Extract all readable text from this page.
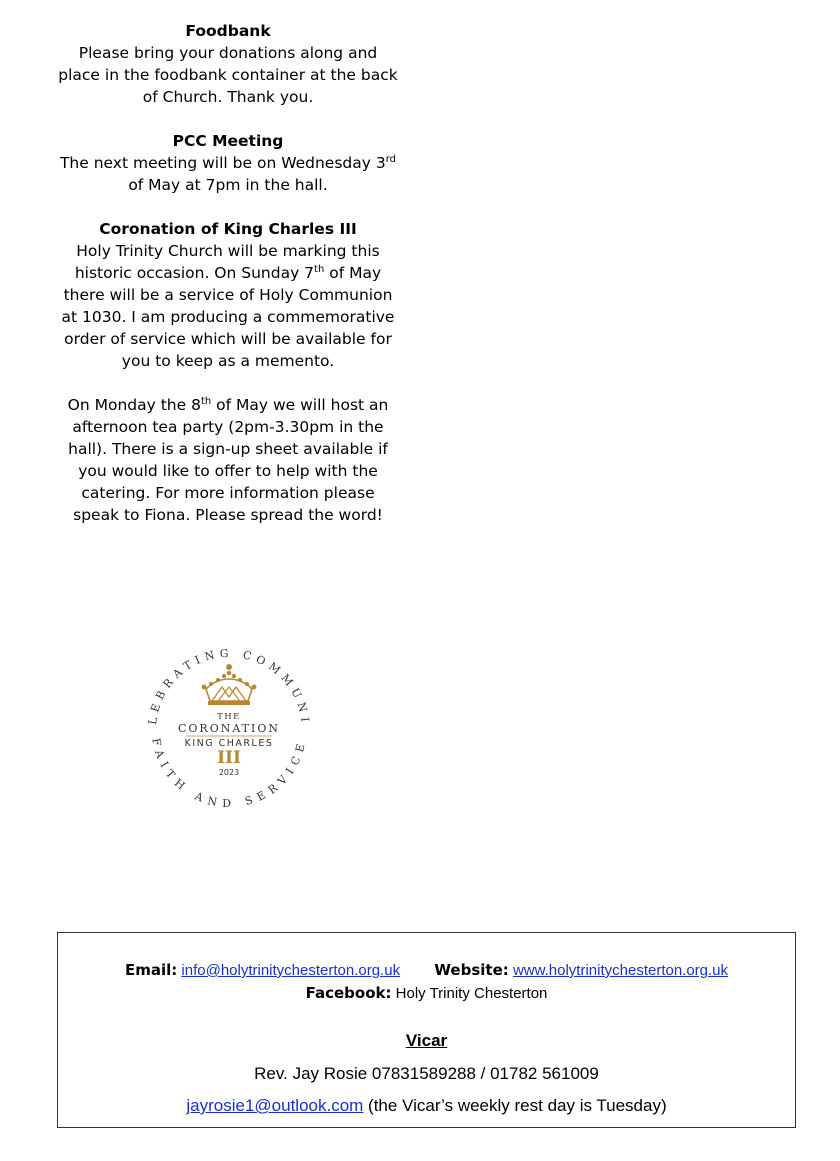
Foodbank

Please bring your donations along and place in the foodbank container at the back of Church. Thank you.

PCC Meeting

The next meeting will be on Wednesday 3rd of May at 7pm in the hall.

Coronation of King Charles III

Holy Trinity Church will be marking this historic occasion. On Sunday 7th of May there will be a service of Holy Communion at 1030. I am producing a commemorative order of service which will be available for you to keep as a memento.

On Monday the 8th of May we will host an afternoon tea party (2pm-3.30pm in the hall). There is a sign-up sheet available if you would like to offer to help with the catering. For more information please speak to Fiona. Please spread the word!

LEBRATING COMMUNI
FAITH AND SERVICE
THE
CORONATION
KING CHARLES
III
2023
Email: info@holytrinitychesterton.org.uk Website: www.holytrinitychesterton.org.uk
Facebook: Holy Trinity Chesterton
Vicar
Rev. Jay Rosie 07831589288 / 01782 561009
jayrosie1@outlook.com (the Vicar’s weekly rest day is Tuesday)
